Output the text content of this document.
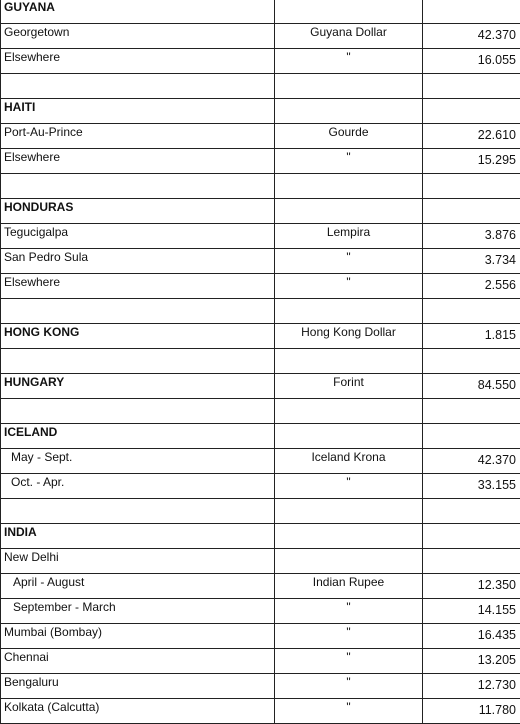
GUYANA		
Georgetown	Guyana Dollar	42.370
Elsewhere	"	16.055

HAITI		
Port-Au-Prince	Gourde	22.610
Elsewhere	"	15.295

HONDURAS		
Tegucigalpa	Lempira	3.876
San Pedro Sula	"	3.734
Elsewhere	"	2.556

HONG KONG	Hong Kong Dollar	1.815

HUNGARY	Forint	84.550

ICELAND		
May - Sept.	Iceland Krona	42.370
Oct. - Apr.	"	33.155

INDIA		
New Delhi		
April - August	Indian Rupee	12.350
September - March	"	14.155
Mumbai (Bombay)	"	16.435
Chennai	"	13.205
Bengaluru	"	12.730
Kolkata (Calcutta)	"	11.780
